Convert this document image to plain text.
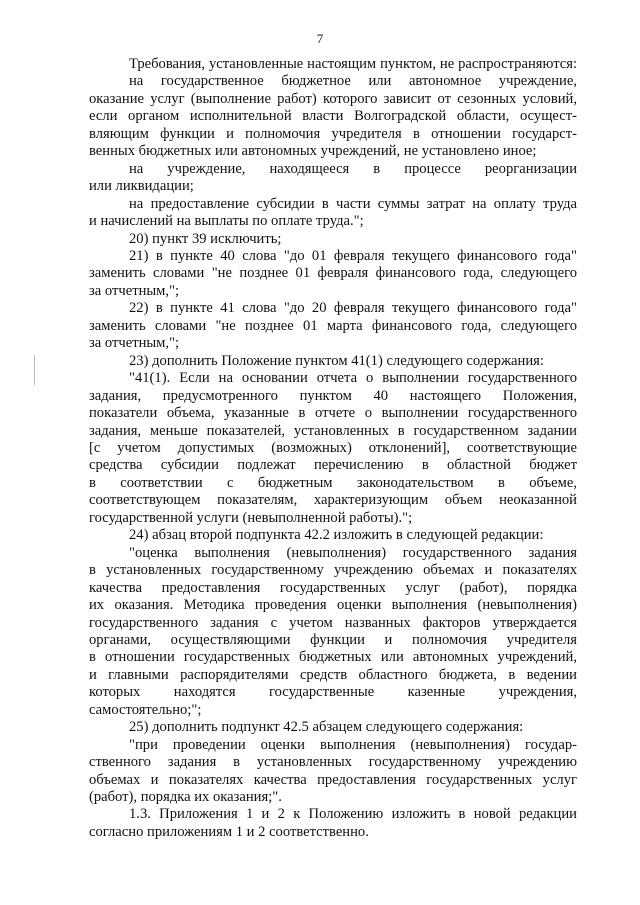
7

Требования, установленные настоящим пунктом, не распространяются:

на государственное бюджетное или автономное учреждение,

оказание услуг (выполнение работ) которого зависит от сезонных условий,

если органом исполнительной власти Волгоградской области, осущест-

вляющим функции и полномочия учредителя в отношении государст-

венных бюджетных или автономных учреждений, не установлено иное;

на учреждение, находящееся в процессе реорганизации

или ликвидации;

на предоставление субсидии в части суммы затрат на оплату труда

и начислений на выплаты по оплате труда.";

20) пункт 39 исключить;

21) в пункте 40 слова "до 01 февраля текущего финансового года"

заменить словами "не позднее 01 февраля финансового года, следующего

за отчетным,";

22) в пункте 41 слова "до 20 февраля текущего финансового года"

заменить словами "не позднее 01 марта финансового года, следующего

за отчетным,";

23) дополнить Положение пунктом 41(1) следующего содержания:

"41(1). Если на основании отчета о выполнении государственного

задания, предусмотренного пунктом 40 настоящего Положения,

показатели объема, указанные в отчете о выполнении государственного

задания, меньше показателей, установленных в государственном задании

[с учетом допустимых (возможных) отклонений], соответствующие

средства субсидии подлежат перечислению в областной бюджет

в соответствии с бюджетным законодательством в объеме,

соответствующем показателям, характеризующим объем неоказанной

государственной услуги (невыполненной работы).";

24) абзац второй подпункта 42.2 изложить в следующей редакции:

"оценка выполнения (невыполнения) государственного задания

в установленных государственному учреждению объемах и показателях

качества предоставления государственных услуг (работ), порядка

их оказания. Методика проведения оценки выполнения (невыполнения)

государственного задания с учетом названных факторов утверждается

органами, осуществляющими функции и полномочия учредителя

в отношении государственных бюджетных или автономных учреждений,

и главными распорядителями средств областного бюджета, в ведении

которых находятся государственные казенные учреждения,

самостоятельно;";

25) дополнить подпункт 42.5 абзацем следующего содержания:

"при проведении оценки выполнения (невыполнения) государ-

ственного задания в установленных государственному учреждению

объемах и показателях качества предоставления государственных услуг

(работ), порядка их оказания;".

1.3. Приложения 1 и 2 к Положению изложить в новой редакции

согласно приложениям 1 и 2 соответственно.
